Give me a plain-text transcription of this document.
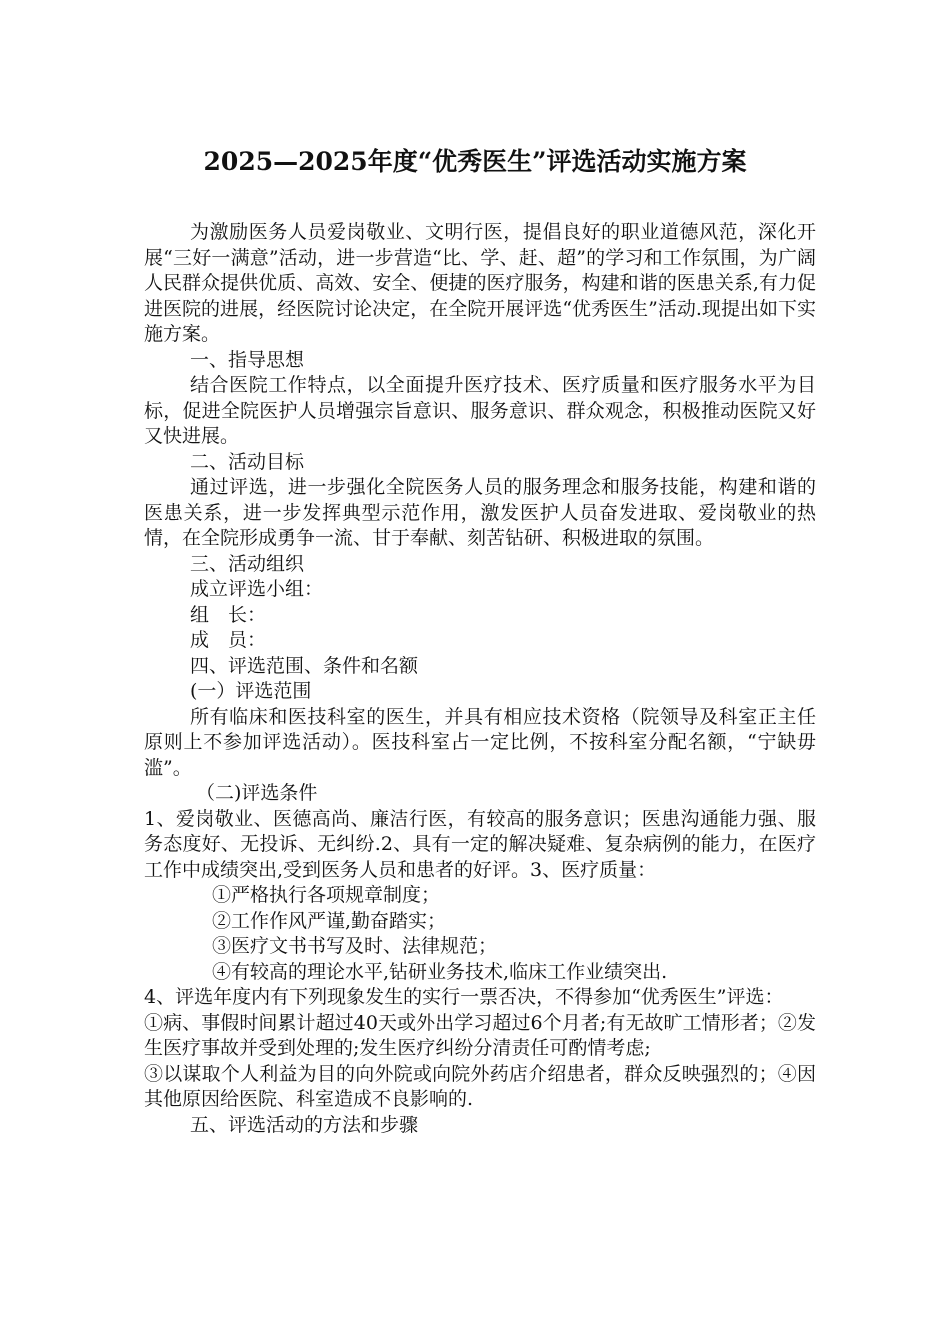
2025—2025年度“优秀医生”评选活动实施方案

为激励医务人员爱岗敬业、文明行医，提倡良好的职业道德风范，深化开展“三好一满意”活动，进一步营造“比、学、赶、超”的学习和工作氛围，为广阔人民群众提供优质、高效、安全、便捷的医疗服务，构建和谐的医患关系,有力促进医院的进展，经医院讨论决定，在全院开展评选“优秀医生”活动.现提出如下实施方案。

一、指导思想

结合医院工作特点，以全面提升医疗技术、医疗质量和医疗服务水平为目标，促进全院医护人员增强宗旨意识、服务意识、群众观念，积极推动医院又好又快进展。

二、活动目标

通过评选，进一步强化全院医务人员的服务理念和服务技能，构建和谐的医患关系，进一步发挥典型示范作用，激发医护人员奋发进取、爱岗敬业的热情，在全院形成勇争一流、甘于奉献、刻苦钻研、积极进取的氛围。

三、活动组织

成立评选小组：

组　长：

成　员：

四、评选范围、条件和名额

(一）评选范围

所有临床和医技科室的医生，并具有相应技术资格（院领导及科室正主任原则上不参加评选活动）。医技科室占一定比例，不按科室分配名额，“宁缺毋滥”。

（二)评选条件

1、爱岗敬业、医德高尚、廉洁行医，有较高的服务意识；医患沟通能力强、服务态度好、无投诉、无纠纷.2、具有一定的解决疑难、复杂病例的能力，在医疗工作中成绩突出,受到医务人员和患者的好评。3、医疗质量：

①严格执行各项规章制度；

②工作作风严谨,勤奋踏实；

③医疗文书书写及时、法律规范；

④有较高的理论水平,钻研业务技术,临床工作业绩突出.

4、评选年度内有下列现象发生的实行一票否决，不得参加“优秀医生”评选：

①病、事假时间累计超过40天或外出学习超过6个月者;有无故旷工情形者；②发生医疗事故并受到处理的;发生医疗纠纷分清责任可酌情考虑;

③以谋取个人利益为目的向外院或向院外药店介绍患者，群众反映强烈的；④因其他原因给医院、科室造成不良影响的.

五、评选活动的方法和步骤
